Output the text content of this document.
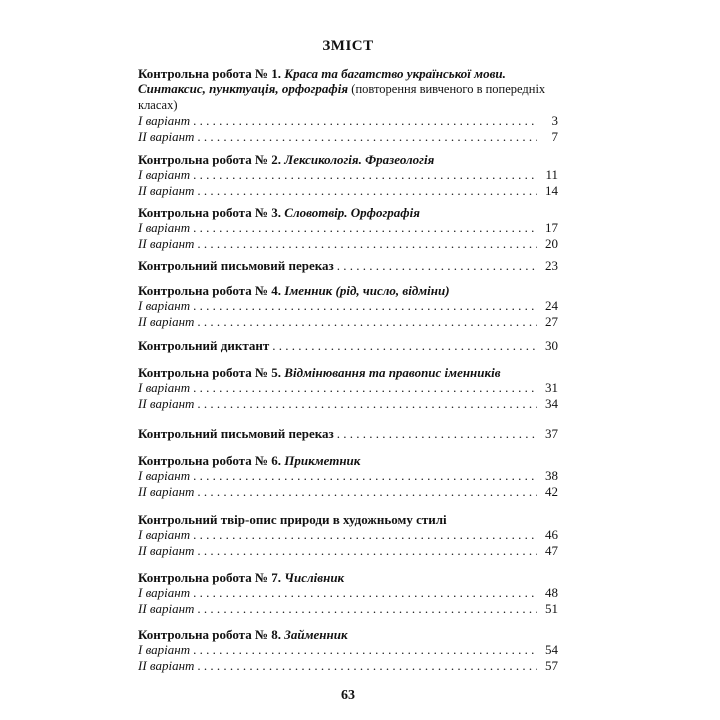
ЗМІСТ
Контрольна робота № 1. Краса та багатство української мови. Синтаксис, пунктуація, орфографія (повторення вивченого в попередніх класах)
І варіант . . .	3
ІІ варіант . . .	7
Контрольна робота № 2. Лексикологія. Фразеологія
І варіант . . .	11
ІІ варіант . . .	14
Контрольна робота № 3. Словотвір. Орфографія
І варіант . . .	17
ІІ варіант . . .	20
Контрольний письмовий переказ . . .	23
Контрольна робота № 4. Іменник (рід, число, відміни)
І варіант . . .	24
ІІ варіант . . .	27
Контрольний диктант . . .	30
Контрольна робота № 5. Відмінювання та правопис іменників
І варіант . . .	31
ІІ варіант . . .	34
Контрольний письмовий переказ . . .	37
Контрольна робота № 6. Прикметник
І варіант . . .	38
ІІ варіант . . .	42
Контрольний твір-опис природи в художньому стилі
І варіант . . .	46
ІІ варіант . . .	47
Контрольна робота № 7. Числівник
І варіант . . .	48
ІІ варіант . . .	51
Контрольна робота № 8. Займенник
І варіант . . .	54
ІІ варіант . . .	57
63
